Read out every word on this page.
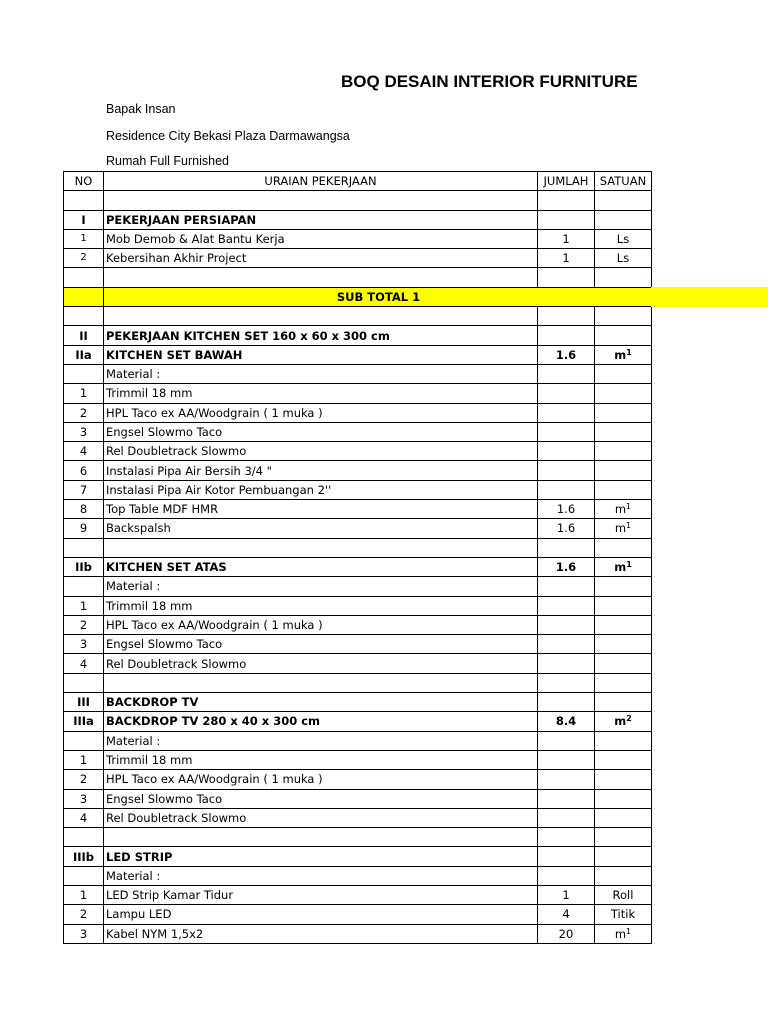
BOQ DESAIN INTERIOR FURNITURE
Bapak Insan
Residence City Bekasi Plaza Darmawangsa
Rumah Full Furnished
NO	URAIAN PEKERJAAN	JUMLAH	SATUAN

I	PEKERJAAN PERSIAPAN		
1	Mob Demob & Alat Bantu Kerja	1	Ls
2	Kebersihan Akhir Project	1	Ls

	SUB TOTAL 1		

II	PEKERJAAN KITCHEN SET 160 x 60 x 300 cm		
IIa	KITCHEN SET BAWAH	1.6	$m^1$
	Material :		
1	Trimmil 18 mm		
2	HPL Taco ex AA/Woodgrain ( 1 muka )		
3	Engsel Slowmo Taco		
4	Rel Doubletrack Slowmo		
6	Instalasi Pipa Air Bersih 3/4 "		
7	Instalasi Pipa Air Kotor Pembuangan 2''		
8	Top Table MDF HMR	1.6	$m^1$
9	Backspalsh	1.6	$m^1$

IIb	KITCHEN SET ATAS	1.6	$m^1$
	Material :		
1	Trimmil 18 mm		
2	HPL Taco ex AA/Woodgrain ( 1 muka )		
3	Engsel Slowmo Taco		
4	Rel Doubletrack Slowmo		

III	BACKDROP TV		
IIIa	BACKDROP TV 280 x 40 x 300 cm	8.4	$m^2$
	Material :		
1	Trimmil 18 mm		
2	HPL Taco ex AA/Woodgrain ( 1 muka )		
3	Engsel Slowmo Taco		
4	Rel Doubletrack Slowmo		

IIIb	LED STRIP		
	Material :		
1	LED Strip Kamar Tidur	1	Roll
2	Lampu LED	4	Titik
3	Kabel NYM 1,5x2	20	$m^1$
